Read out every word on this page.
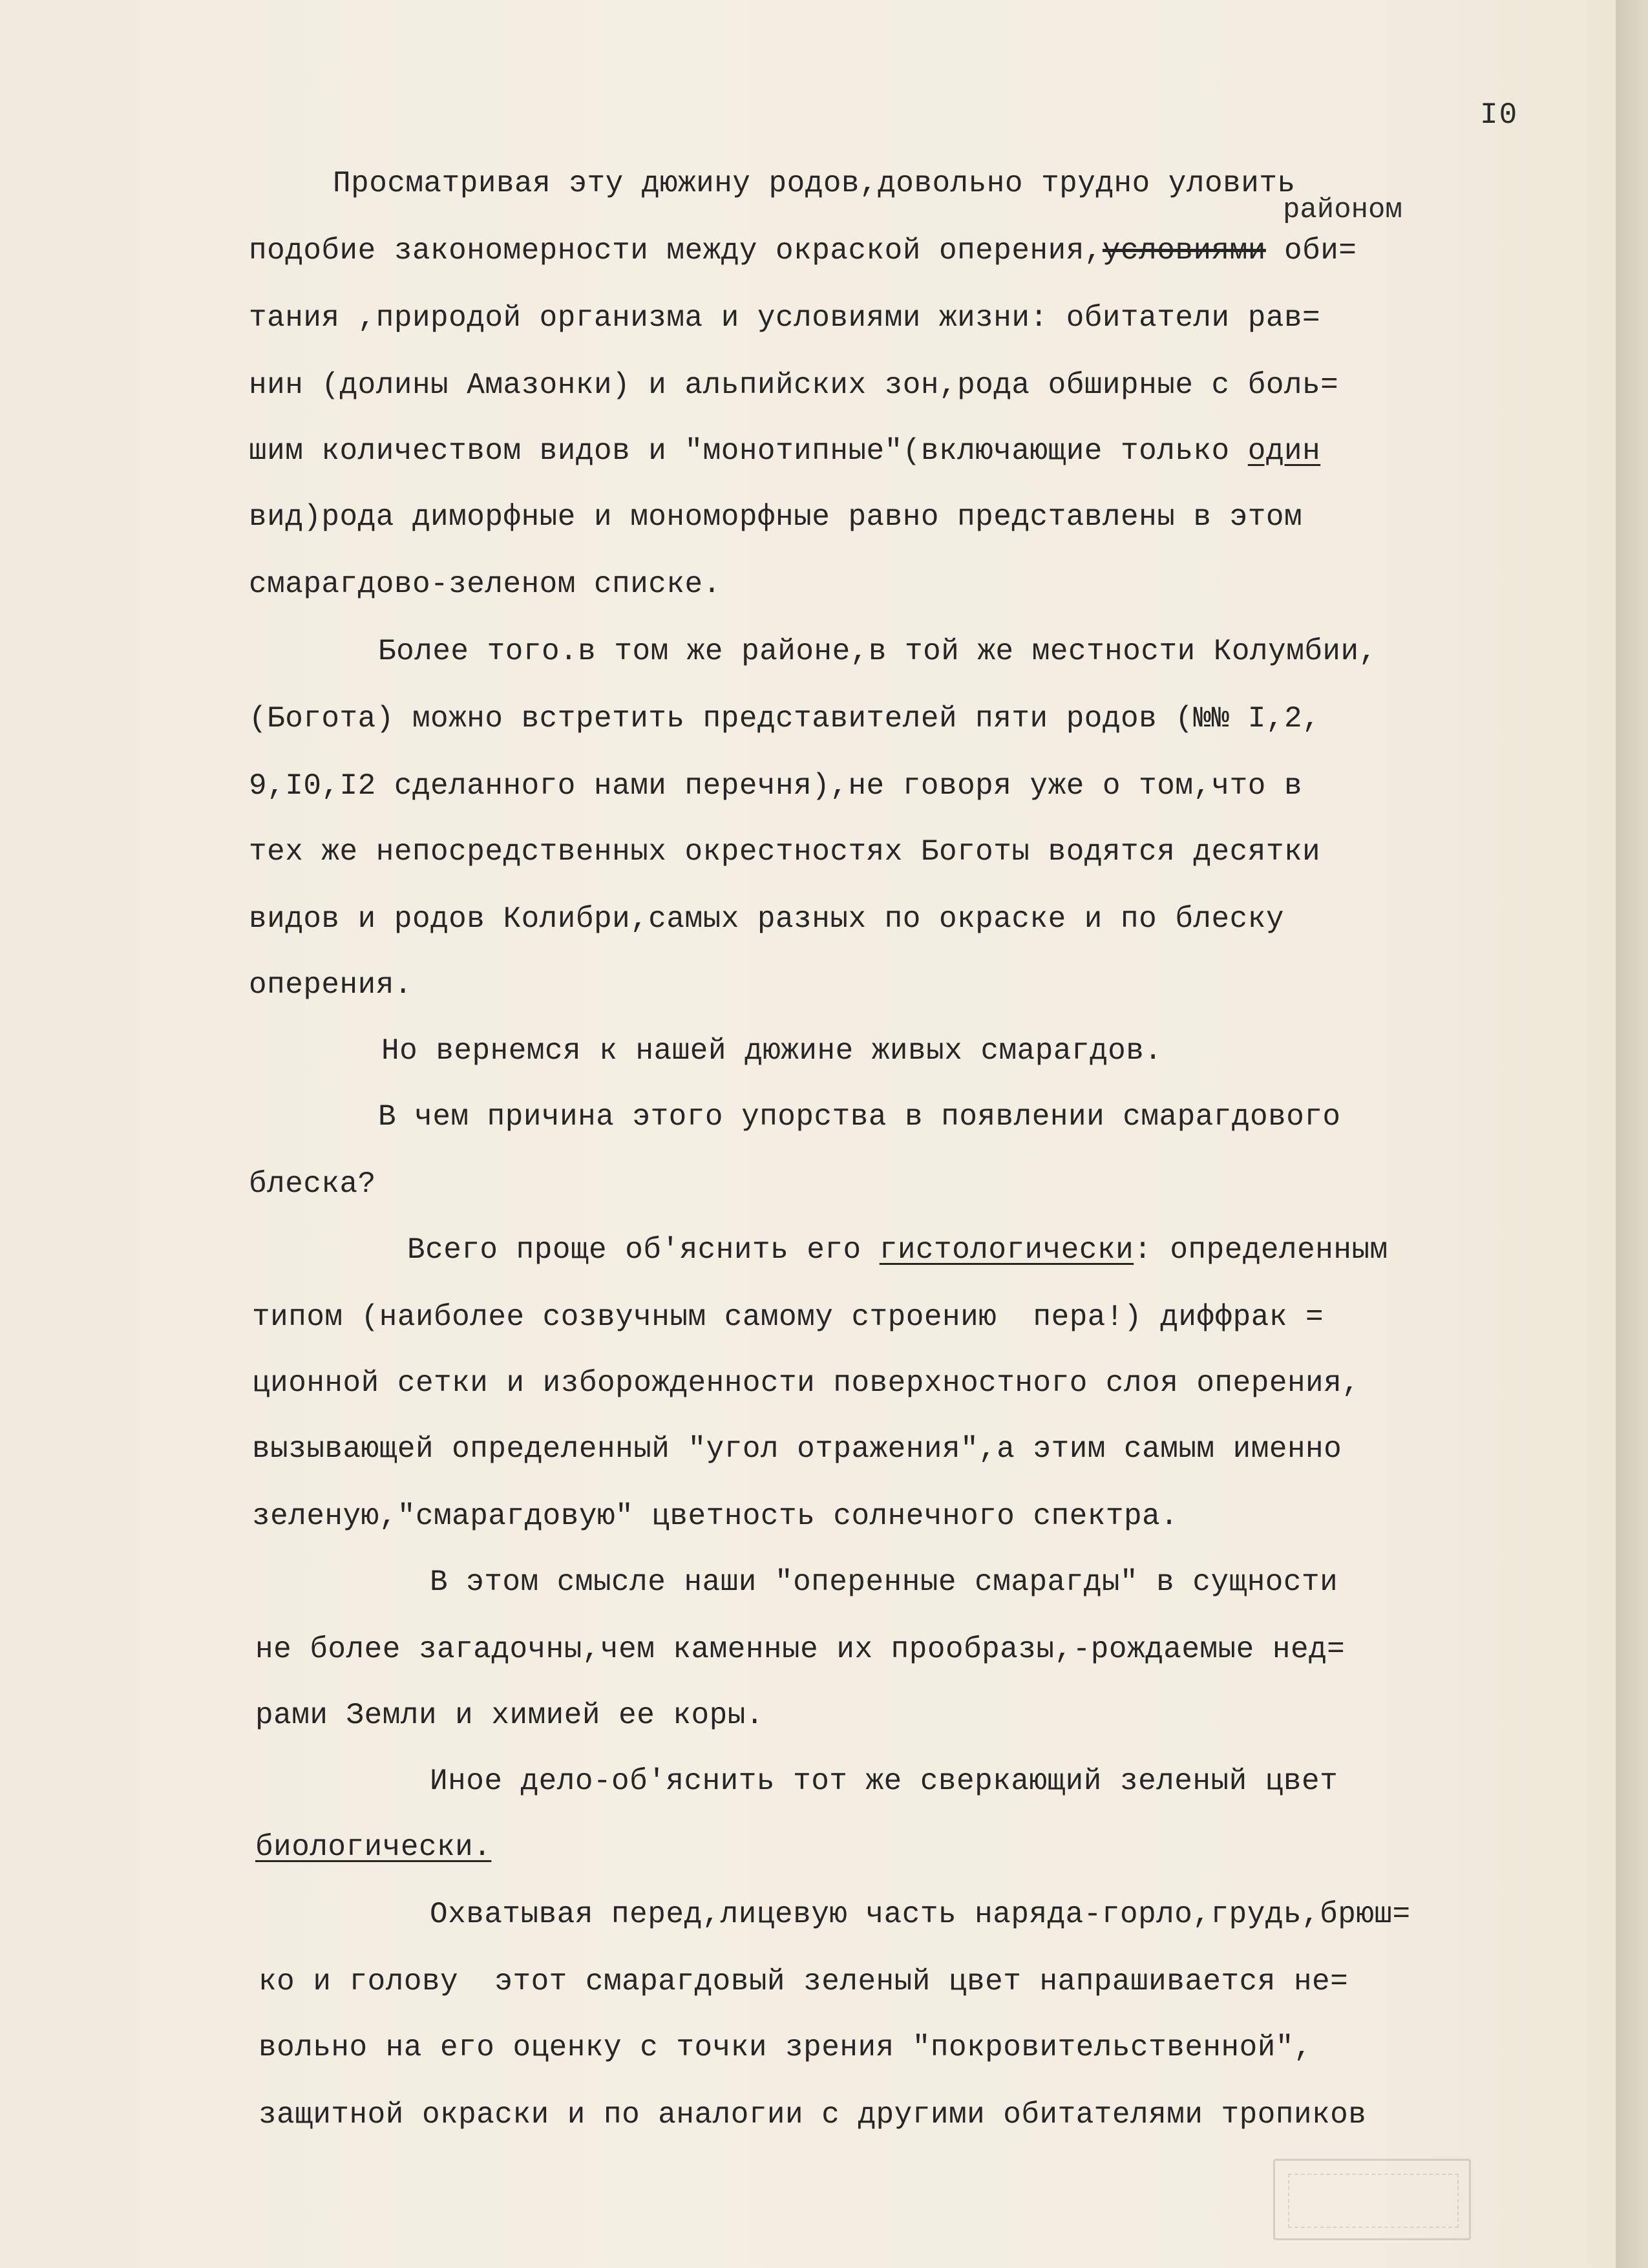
I0
районом
Просматривая эту дюжину родов,довольно трудно уловить
подобие закономерности между окраской оперения,условиями оби=
тания ,природой организма и условиями жизни: обитатели рав=
нин (долины Амазонки) и альпийских зон,рода обширные с боль=
шим количеством видов и "монотипные"(включающие только один
вид)рода диморфные и мономорфные равно представлены в этом
смарагдово-зеленом списке.
Более того.в том же районе,в той же местности Колумбии,
(Богота) можно встретить представителей пяти родов (№№ I,2,
9,I0,I2 сделанного нами перечня),не говоря уже о том,что в
тех же непосредственных окрестностях Боготы водятся десятки
видов и родов Колибри,самых разных по окраске и по блеску
оперения.
Но вернемся к нашей дюжине живых смарагдов.
В чем причина этого упорства в появлении смарагдового
блеска?
Всего проще об'яснить его гистологически: определенным
типом (наиболее созвучным самому строению  пера!) диффрак =
ционной сетки и изборожденности поверхностного слоя оперения,
вызывающей определенный "угол отражения",а этим самым именно
зеленую,"смарагдовую" цветность солнечного спектра.
В этом смысле наши "оперенные смарагды" в сущности
не более загадочны,чем каменные их прообразы,-рождаемые нед=
рами Земли и химией ее коры.
Иное дело-об'яснить тот же сверкающий зеленый цвет
биологически.
Охватывая перед,лицевую часть наряда-горло,грудь,брюш=
ко и голову  этот смарагдовый зеленый цвет напрашивается не=
вольно на его оценку с точки зрения "покровительственной",
защитной окраски и по аналогии с другими обитателями тропиков
